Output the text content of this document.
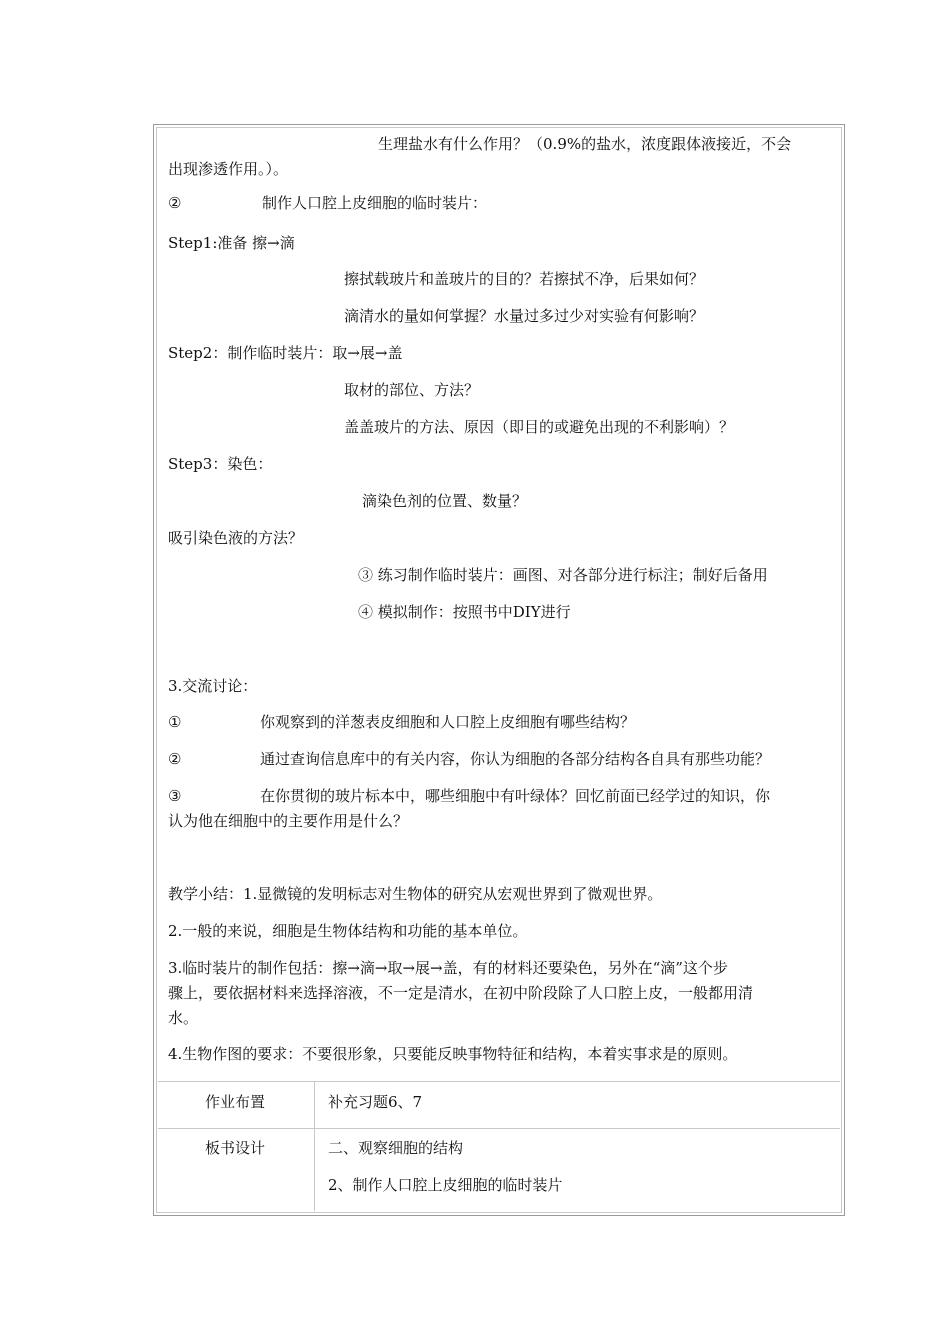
生理盐水有什么作用？（0.9%的盐水，浓度跟体液接近，不会
出现渗透作用。）。
②	制作人口腔上皮细胞的临时装片：
Step1:准备 擦→滴
擦拭载玻片和盖玻片的目的？若擦拭不净，后果如何？
滴清水的量如何掌握？水量过多过少对实验有何影响？
Step2：制作临时装片：取→展→盖
取材的部位、方法？
盖盖玻片的方法、原因（即目的或避免出现的不利影响）？
Step3：染色：
滴染色剂的位置、数量？
吸引染色液的方法？
③ 练习制作临时装片：画图、对各部分进行标注；制好后备用
④ 模拟制作：按照书中DIY进行
3.交流讨论：
①	你观察到的洋葱表皮细胞和人口腔上皮细胞有哪些结构？
②	通过查询信息库中的有关内容，你认为细胞的各部分结构各自具有那些功能？
③	在你贯彻的玻片标本中，哪些细胞中有叶绿体？回忆前面已经学过的知识，你
认为他在细胞中的主要作用是什么？
教学小结：1.显微镜的发明标志对生物体的研究从宏观世界到了微观世界。
2.一般的来说，细胞是生物体结构和功能的基本单位。
3.临时装片的制作包括：擦→滴→取→展→盖，有的材料还要染色，另外在“滴”这个步
骤上，要依据材料来选择溶液，不一定是清水，在初中阶段除了人口腔上皮，一般都用清
水。
4.生物作图的要求：不要很形象，只要能反映事物特征和结构，本着实事求是的原则。
作业布置	补充习题6、7
板书设计	二、观察细胞的结构
2、制作人口腔上皮细胞的临时装片
